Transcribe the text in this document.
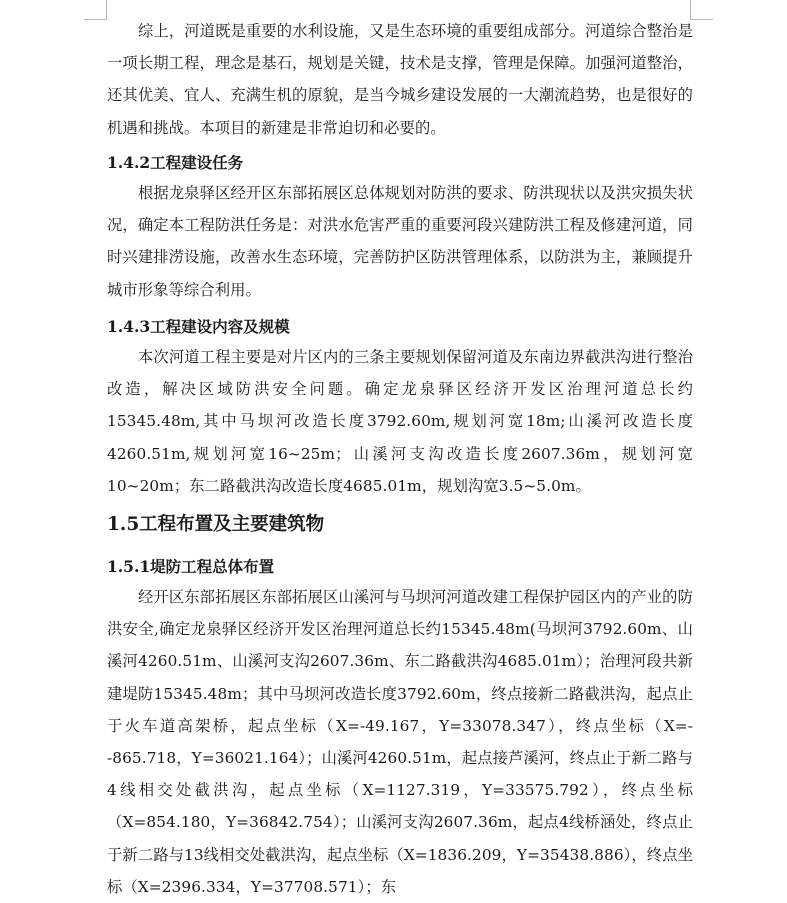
综上，河道既是重要的水利设施，又是生态环境的重要组成部分。河道综合整治是一项长期工程，理念是基石，规划是关键，技术是支撑，管理是保障。加强河道整治，还其优美、宜人、充满生机的原貌，是当今城乡建设发展的一大潮流趋势，也是很好的机遇和挑战。本项目的新建是非常迫切和必要的。

1.4.2工程建设任务

根据龙泉驿区经开区东部拓展区总体规划对防洪的要求、防洪现状以及洪灾损失状况，确定本工程防洪任务是：对洪水危害严重的重要河段兴建防洪工程及修建河道，同时兴建排涝设施，改善水生态环境，完善防护区防洪管理体系，以防洪为主，兼顾提升城市形象等综合利用。

1.4.3工程建设内容及规模

本次河道工程主要是对片区内的三条主要规划保留河道及东南边界截洪沟进行整治改造，解决区域防洪安全问题。确定龙泉驿区经济开发区治理河道总长约15345.48m,其中马坝河改造长度3792.60m,规划河宽18m;山溪河改造长度4260.51m,规划河宽16~25m；山溪河支沟改造长度2607.36m，规划河宽10~20m；东二路截洪沟改造长度4685.01m，规划沟宽3.5~5.0m。

1.5工程布置及主要建筑物
1.5.1堤防工程总体布置

经开区东部拓展区东部拓展区山溪河与马坝河河道改建工程保护园区内的产业的防洪安全,确定龙泉驿区经济开发区治理河道总长约15345.48m(马坝河3792.60m、山溪河4260.51m、山溪河支沟2607.36m、东二路截洪沟4685.01m）；治理河段共新建堤防15345.48m；其中马坝河改造长度3792.60m，终点接新二路截洪沟，起点止于火车道高架桥，起点坐标（X=-49.167，Y=33078.347），终点坐标（X=--865.718，Y=36021.164）；山溪河4260.51m，起点接芦溪河，终点止于新二路与4线相交处截洪沟，起点坐标（X=1127.319，Y=33575.792），终点坐标（X=854.180，Y=36842.754）；山溪河支沟2607.36m，起点4线桥涵处，终点止于新二路与13线相交处截洪沟，起点坐标（X=1836.209，Y=35438.886），终点坐标（X=2396.334，Y=37708.571）；东
